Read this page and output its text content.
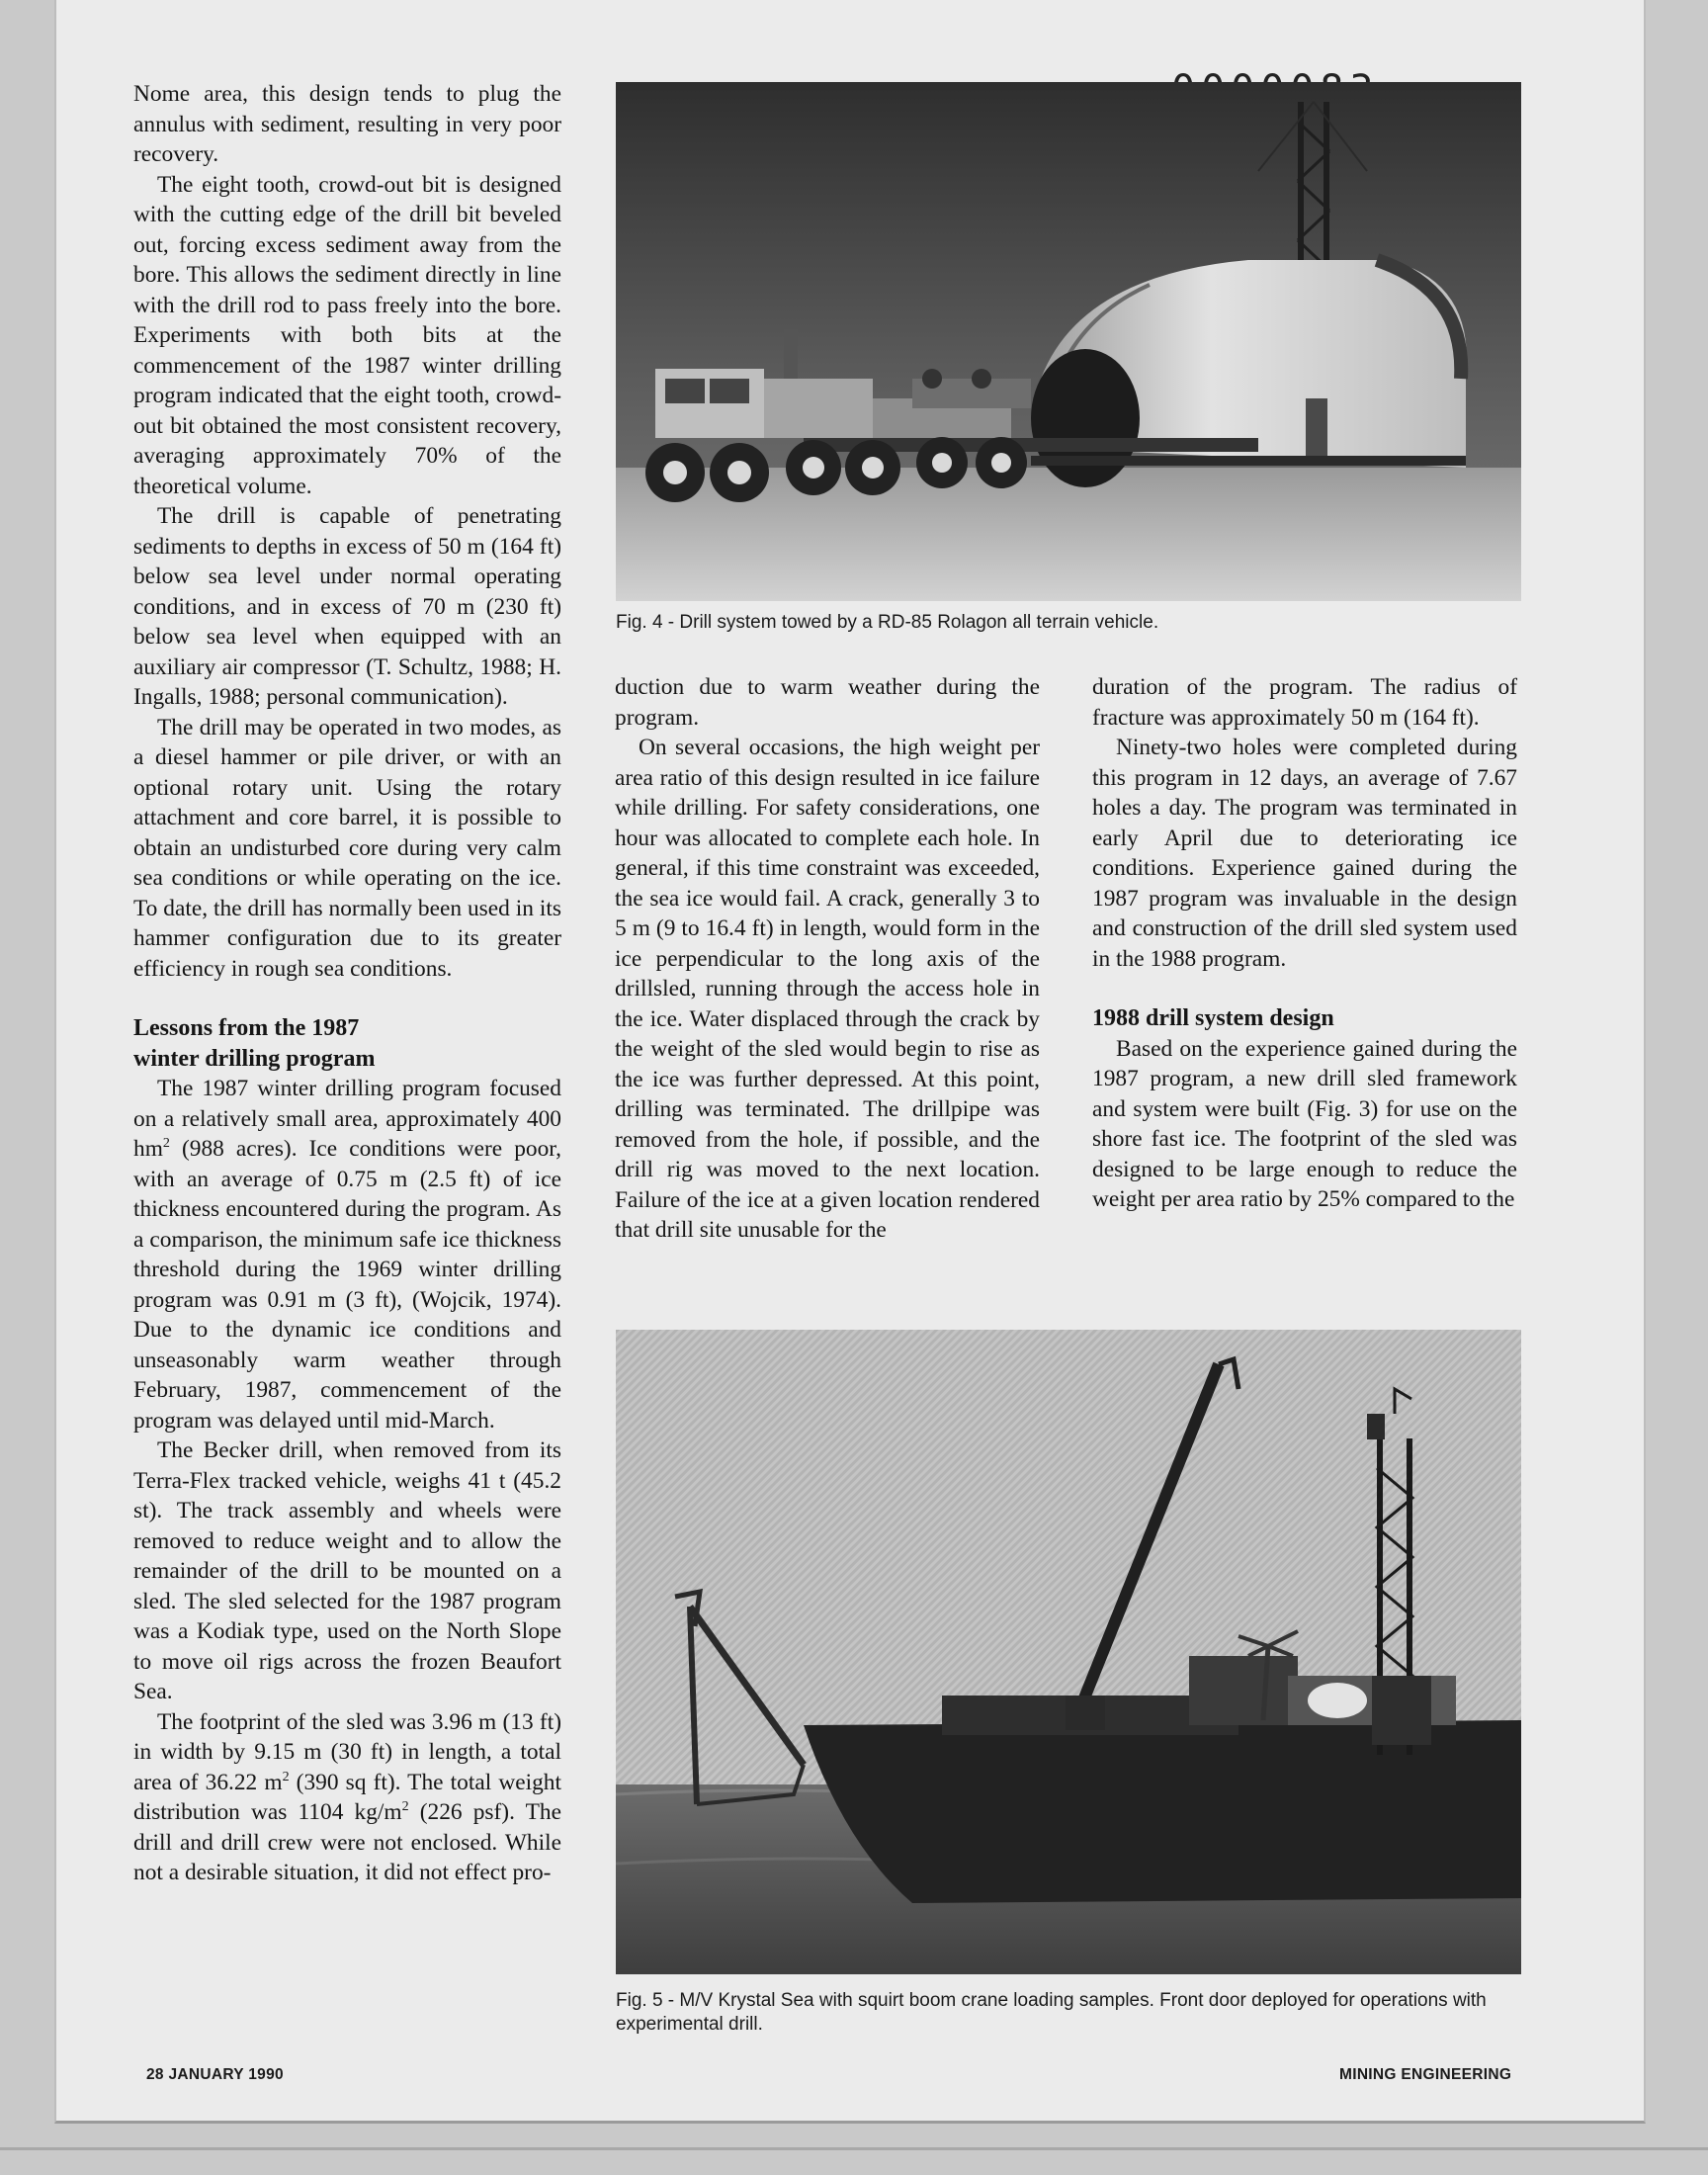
Nome area, this design tends to plug the annulus with sediment, resulting in very poor recovery.

The eight tooth, crowd-out bit is designed with the cutting edge of the drill bit beveled out, forcing excess sediment away from the bore. This allows the sediment directly in line with the drill rod to pass freely into the bore. Experiments with both bits at the commencement of the 1987 winter drilling program indicated that the eight tooth, crowd-out bit obtained the most consistent recovery, averaging approximately 70% of the theoretical volume.

The drill is capable of penetrating sediments to depths in excess of 50 m (164 ft) below sea level under normal operating conditions, and in excess of 70 m (230 ft) below sea level when equipped with an auxiliary air compressor (T. Schultz, 1988; H. Ingalls, 1988; personal communication).

The drill may be operated in two modes, as a diesel hammer or pile driver, or with an optional rotary unit. Using the rotary attachment and core barrel, it is possible to obtain an undisturbed core during very calm sea conditions or while operating on the ice. To date, the drill has normally been used in its hammer configuration due to its greater efficiency in rough sea conditions.

Lessons from the 1987
winter drilling program

The 1987 winter drilling program focused on a relatively small area, approximately 400 $hm^2$ (988 acres). Ice conditions were poor, with an average of 0.75 m (2.5 ft) of ice thickness encountered during the program. As a comparison, the minimum safe ice thickness threshold during the 1969 winter drilling program was 0.91 m (3 ft), (Wojcik, 1974). Due to the dynamic ice conditions and unseasonably warm weather through February, 1987, commencement of the program was delayed until mid-March.

The Becker drill, when removed from its Terra-Flex tracked vehicle, weighs 41 t (45.2 st). The track assembly and wheels were removed to reduce weight and to allow the remainder of the drill to be mounted on a sled. The sled selected for the 1987 program was a Kodiak type, used on the North Slope to move oil rigs across the frozen Beaufort Sea.

The footprint of the sled was 3.96 m (13 ft) in width by 9.15 m (30 ft) in length, a total area of 36.22 $m^2$ (390 sq ft). The total weight distribution was 1104 $kg/m^2$ (226 psf). The drill and drill crew were not enclosed. While not a desirable situation, it did not effect pro-

Fig. 4 - Drill system towed by a RD-85 Rolagon all terrain vehicle.

duction due to warm weather during the program.

On several occasions, the high weight per area ratio of this design resulted in ice failure while drilling. For safety considerations, one hour was allocated to complete each hole. In general, if this time constraint was exceeded, the sea ice would fail. A crack, generally 3 to 5 m (9 to 16.4 ft) in length, would form in the ice perpendicular to the long axis of the drillsled, running through the access hole in the ice. Water displaced through the crack by the weight of the sled would begin to rise as the ice was further depressed. At this point, drilling was terminated. The drillpipe was removed from the hole, if possible, and the drill rig was moved to the next location. Failure of the ice at a given location rendered that drill site unusable for the

duration of the program. The radius of fracture was approximately 50 m (164 ft).

Ninety-two holes were completed during this program in 12 days, an average of 7.67 holes a day. The program was terminated in early April due to deteriorating ice conditions. Experience gained during the 1987 program was invaluable in the design and construction of the drill sled system used in the 1988 program.

1988 drill system design

Based on the experience gained during the 1987 program, a new drill sled framework and system were built (Fig. 3) for use on the shore fast ice. The footprint of the sled was designed to be large enough to reduce the weight per area ratio by 25% compared to the

Fig. 5 - M/V Krystal Sea with squirt boom crane loading samples. Front door deployed for operations with experimental drill.
28 JANUARY 1990	MINING ENGINEERING
